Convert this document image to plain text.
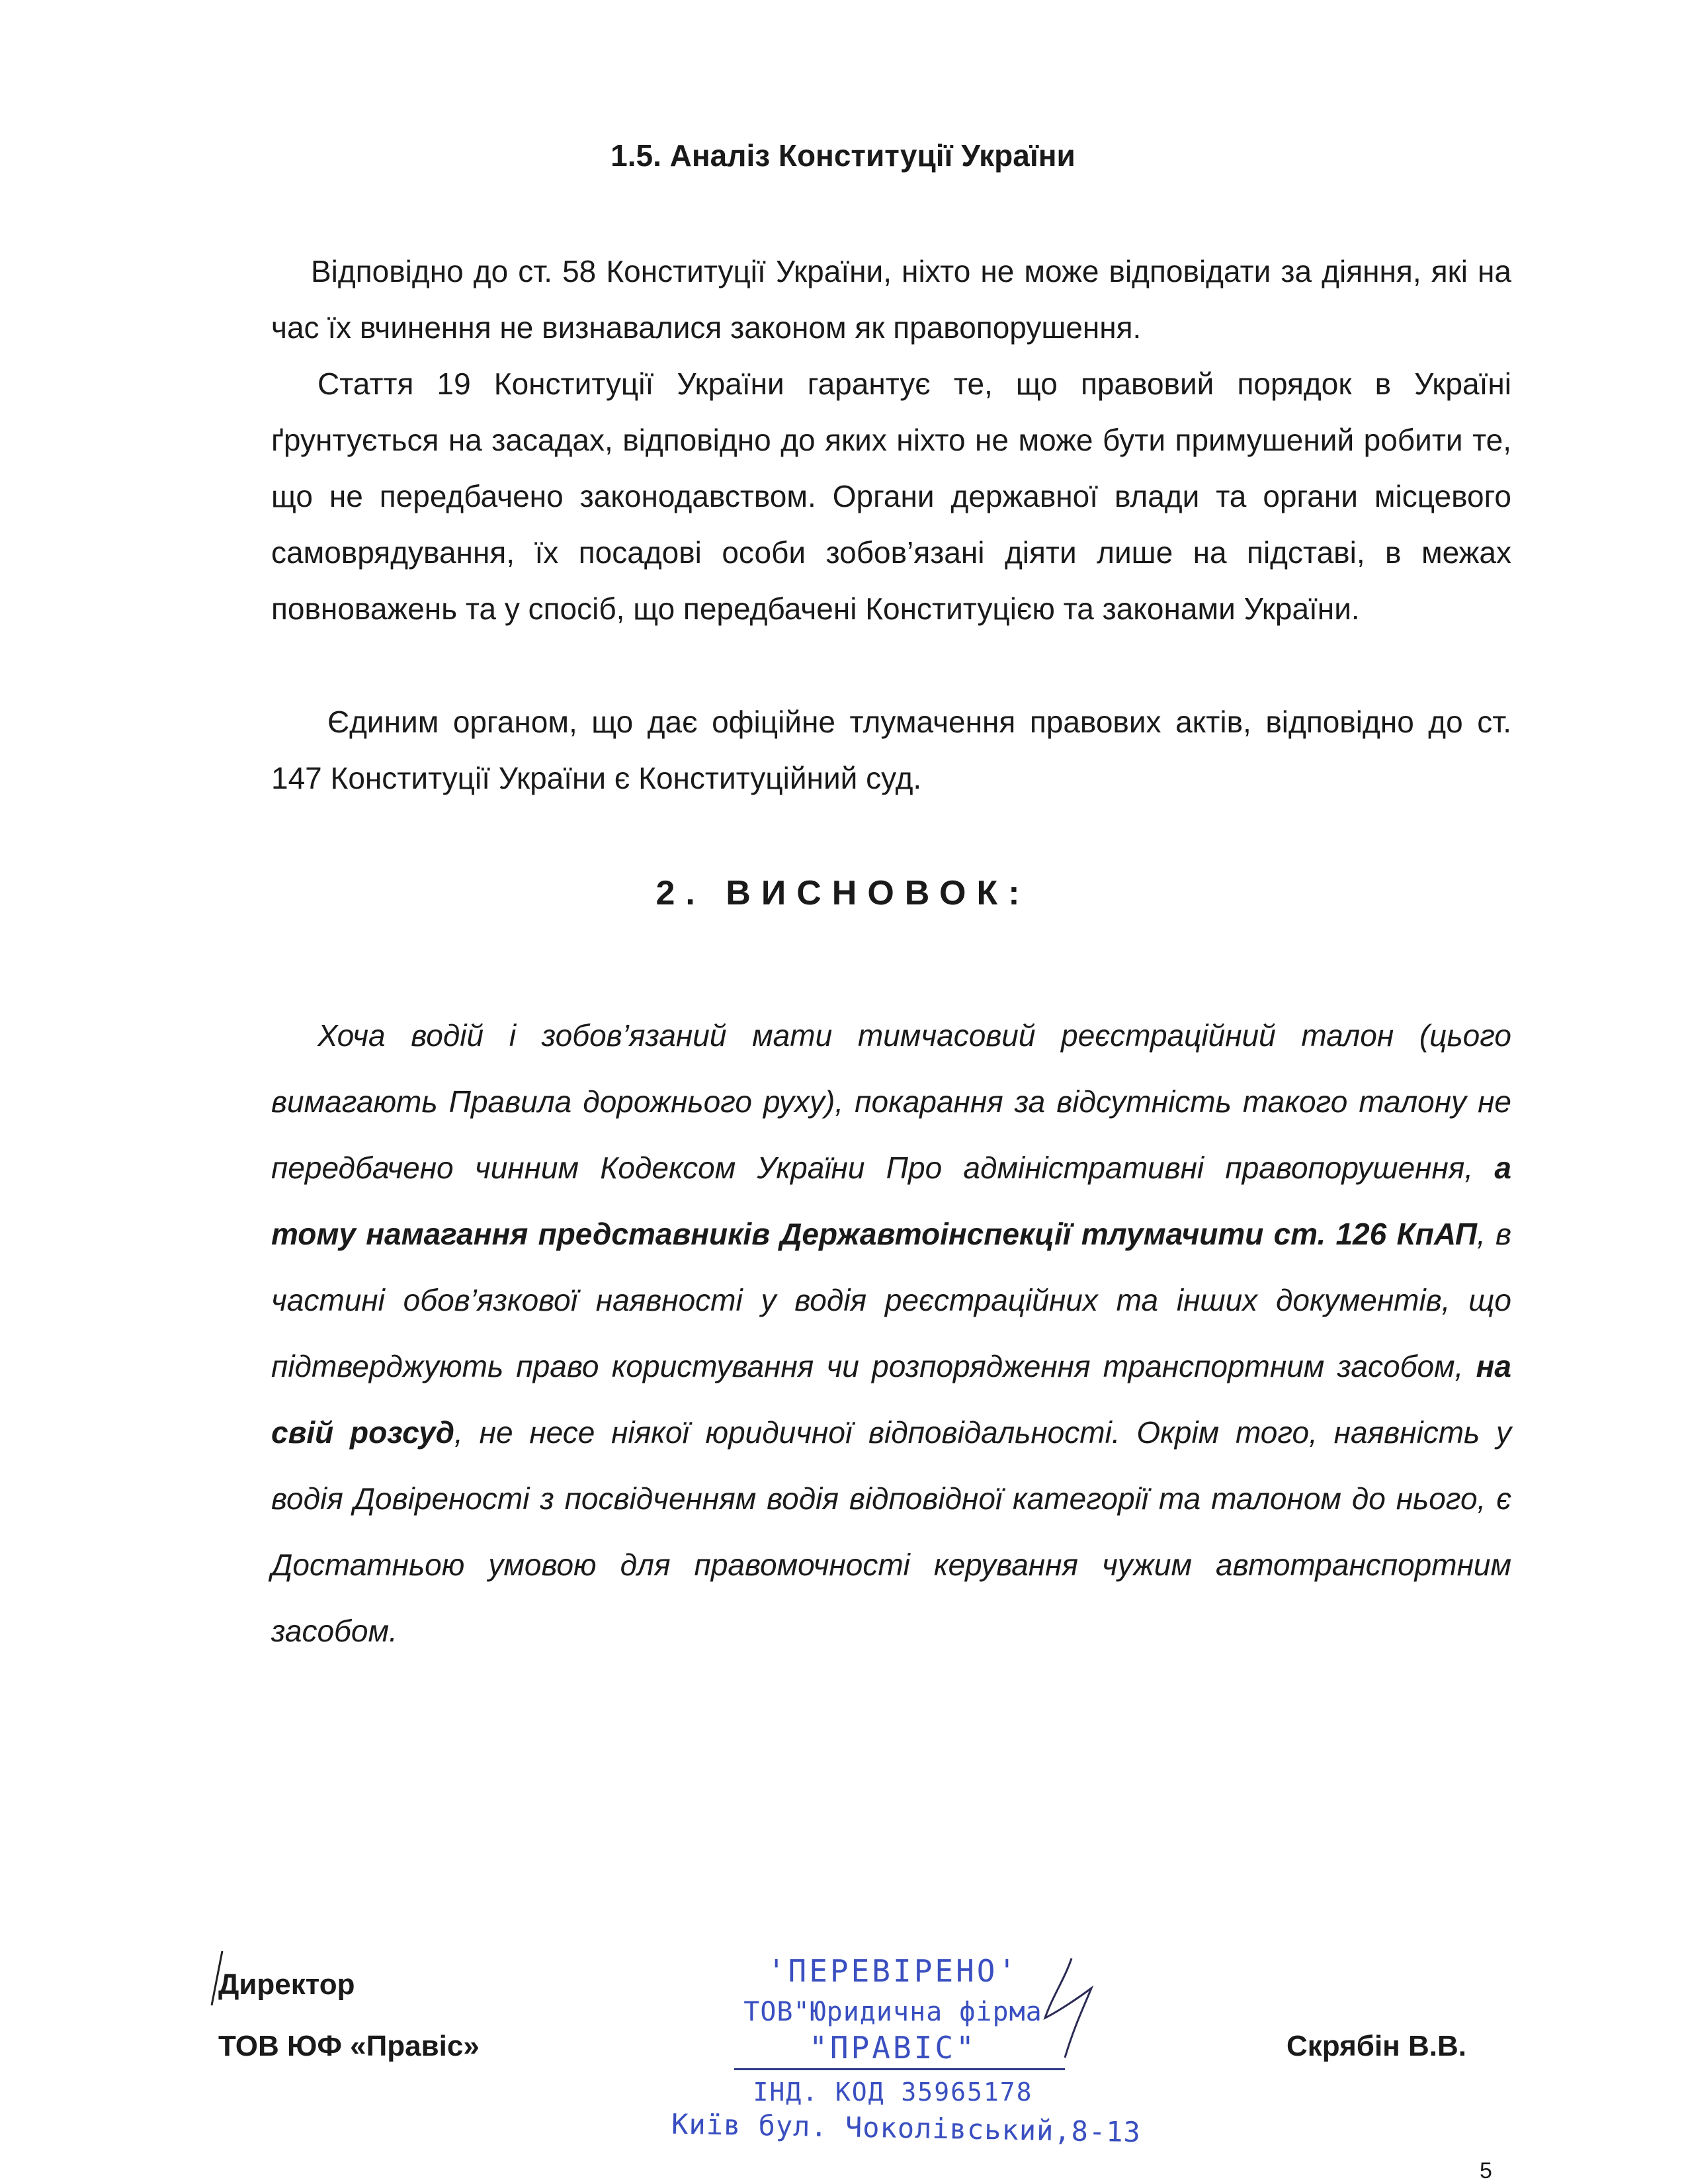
1.5. Аналіз Конституції України

Відповідно до ст. 58 Конституції України, ніхто не може відповідати за діяння, які на час їх вчинення не визнавалися законом як правопорушення.

Стаття 19 Конституції України гарантує те, що правовий порядок в Україні ґрунтується на засадах, відповідно до яких ніхто не може бути примушений робити те, що не передбачено законодавством. Органи державної влади та органи місцевого самоврядування, їх посадові особи зобов’язані діяти лише на підставі, в межах повноважень та у спосіб, що передбачені Конституцією та законами України.

Єдиним органом, що дає офіційне тлумачення правових актів, відповідно до ст. 147 Конституції України є Конституційний суд.

2. ВИСНОВОК:

Хоча водій і зобов’язаний мати тимчасовий реєстраційний талон (цього вимагають Правила дорожнього руху), покарання за відсутність такого талону не передбачено чинним Кодексом України Про адміністративні правопорушення, а тому намагання представників Державтоінспекції тлумачити ст. 126 КпАП, в частині обов’язкової наявності у водія реєстраційних та інших документів, що підтверджують право користування чи розпорядження транспортним засобом, на свій розсуд, не несе ніякої юридичної відповідальності. Окрім того, наявність у водія Довіреності з посвідченням водія відповідної категорії та талоном до нього, є Достатньою умовою для правомочності керування чужим автотранспортним засобом.

Директор
ТОВ ЮФ «Правіс»	Скрябін В.В.
'ПЕРЕВІРЕНО'
ТОВ"Юридична фірма
"ПРАВІС"
ІНД. КОД 35965178
Київ бул. Чоколівський,8-13
5
